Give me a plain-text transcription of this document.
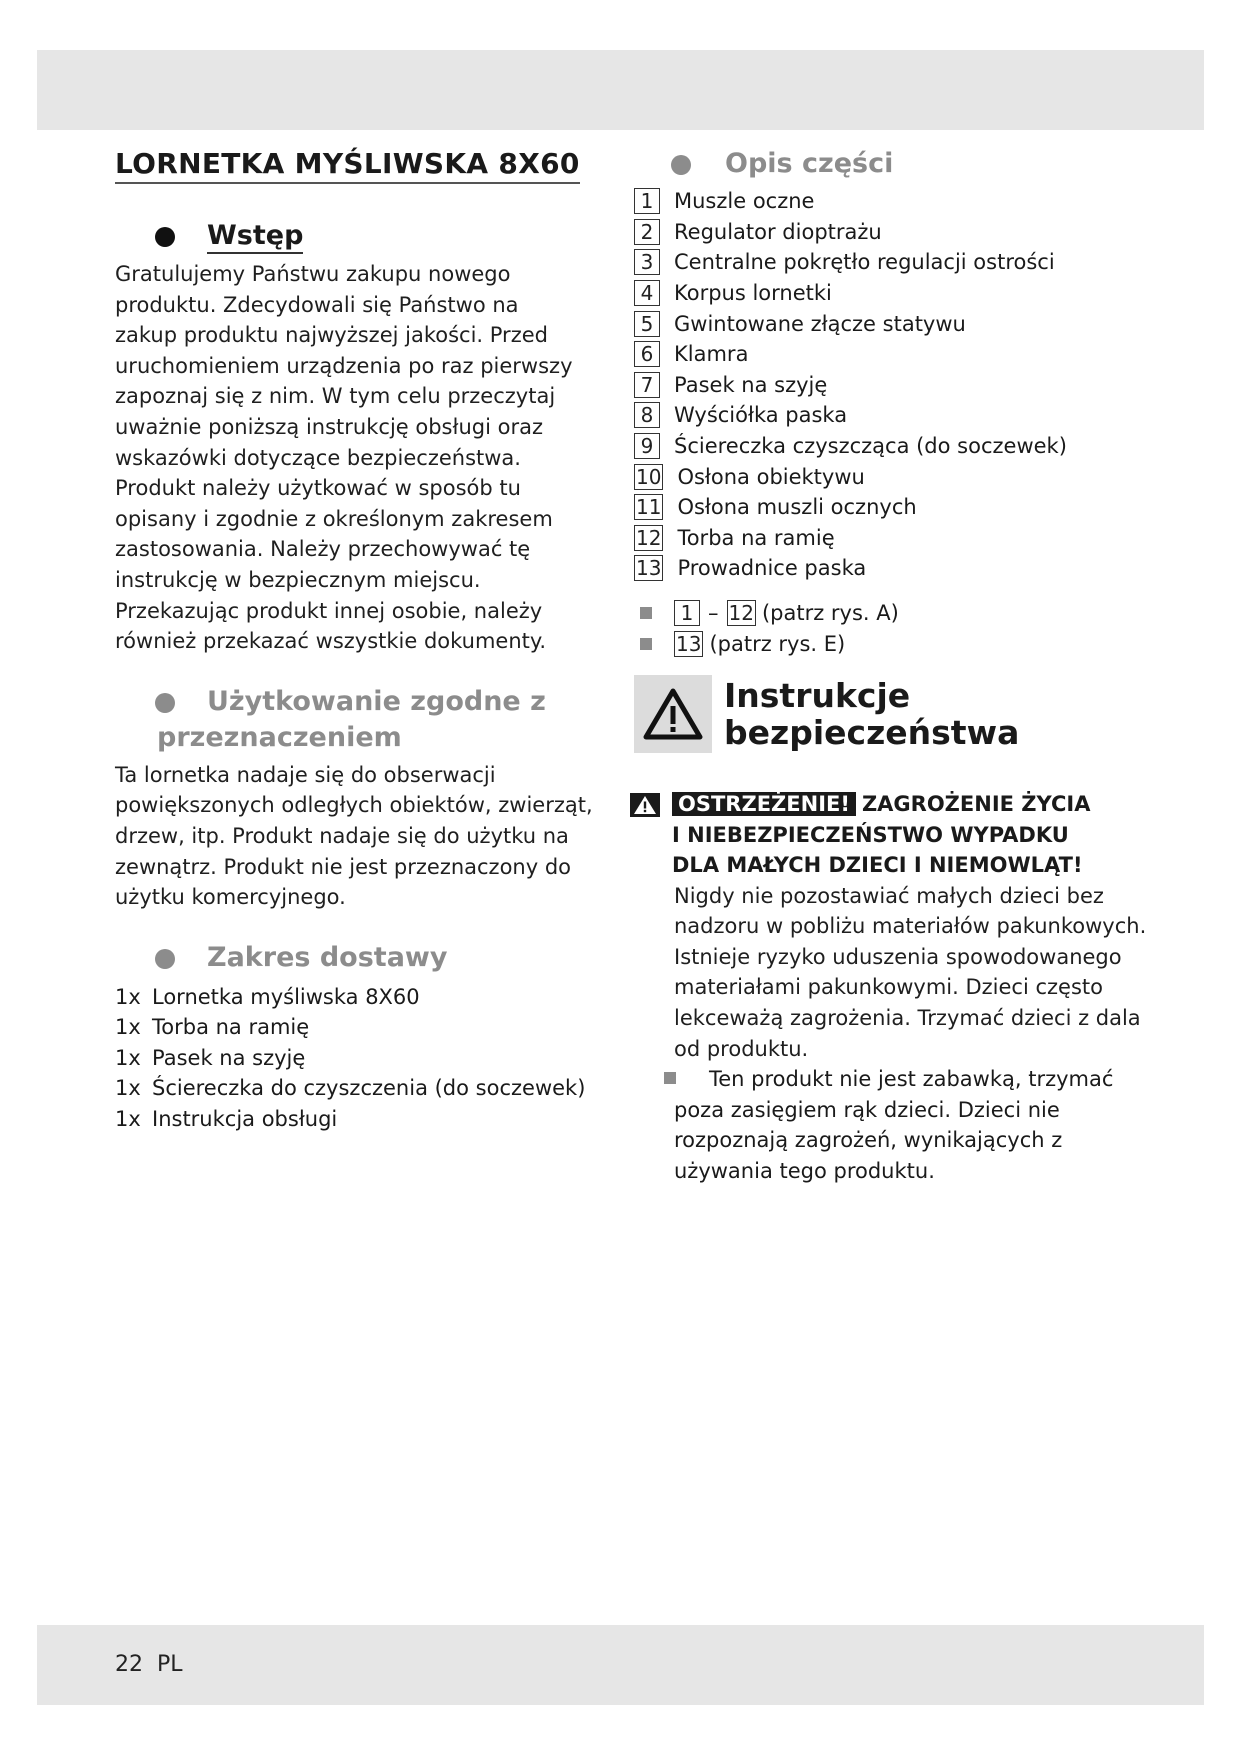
LORNETKA MYŚLIWSKA 8X60
Wstęp

Gratulujemy Państwu zakupu nowego produktu. Zdecydowali się Państwo na zakup produktu najwyższej jakości. Przed uruchomieniem urządzenia po raz pierwszy zapoznaj się z nim. W tym celu przeczytaj uważnie poniższą instrukcję obsługi oraz wskazówki dotyczące bezpieczeństwa. Produkt należy użytkować w sposób tu opisany i zgodnie z określonym zakresem zastosowania. Należy przechowywać tę instrukcję w bezpiecznym miejscu. Przekazując produkt innej osobie, należy również przekazać wszystkie dokumenty.

Użytkowanie zgodne z
przeznaczeniem

Ta lornetka nadaje się do obserwacji powiększonych odległych obiektów, zwierząt, drzew, itp. Produkt nadaje się do użytku na zewnątrz. Produkt nie jest przeznaczony do użytku komercyjnego.

Zakres dostawy
1x Lornetka myśliwska 8X60
1x Torba na ramię
1x Pasek na szyję
1x Ściereczka do czyszczenia (do soczewek)
1x Instrukcja obsługi
Opis części
1 Muszle oczne
2 Regulator dioptrażu
3 Centralne pokrętło regulacji ostrości
4 Korpus lornetki
5 Gwintowane złącze statywu
6 Klamra
7 Pasek na szyję
8 Wyściółka paska
9 Ściereczka czyszcząca (do soczewek)
10 Osłona obiektywu
11 Osłona muszli ocznych
12 Torba na ramię
13 Prowadnice paska
1 – 12 (patrz rys. A)
13 (patrz rys. E)
Instrukcje
bezpieczeństwa
OSTRZEŻENIE! ZAGROŻENIE ŻYCIA
I NIEBEZPIECZEŃSTWO WYPADKU
DLA MAŁYCH DZIECI I NIEMOWLĄT!

Nigdy nie pozostawiać małych dzieci bez nadzoru w pobliżu materiałów pakunkowych. Istnieje ryzyko uduszenia spowodowanego materiałami pakunkowymi. Dzieci często lekceważą zagrożenia. Trzymać dzieci z dala od produktu.

Ten produkt nie jest zabawką, trzymać poza zasięgiem rąk dzieci. Dzieci nie rozpoznają zagrożeń, wynikających z używania tego produktu.
22 PL
